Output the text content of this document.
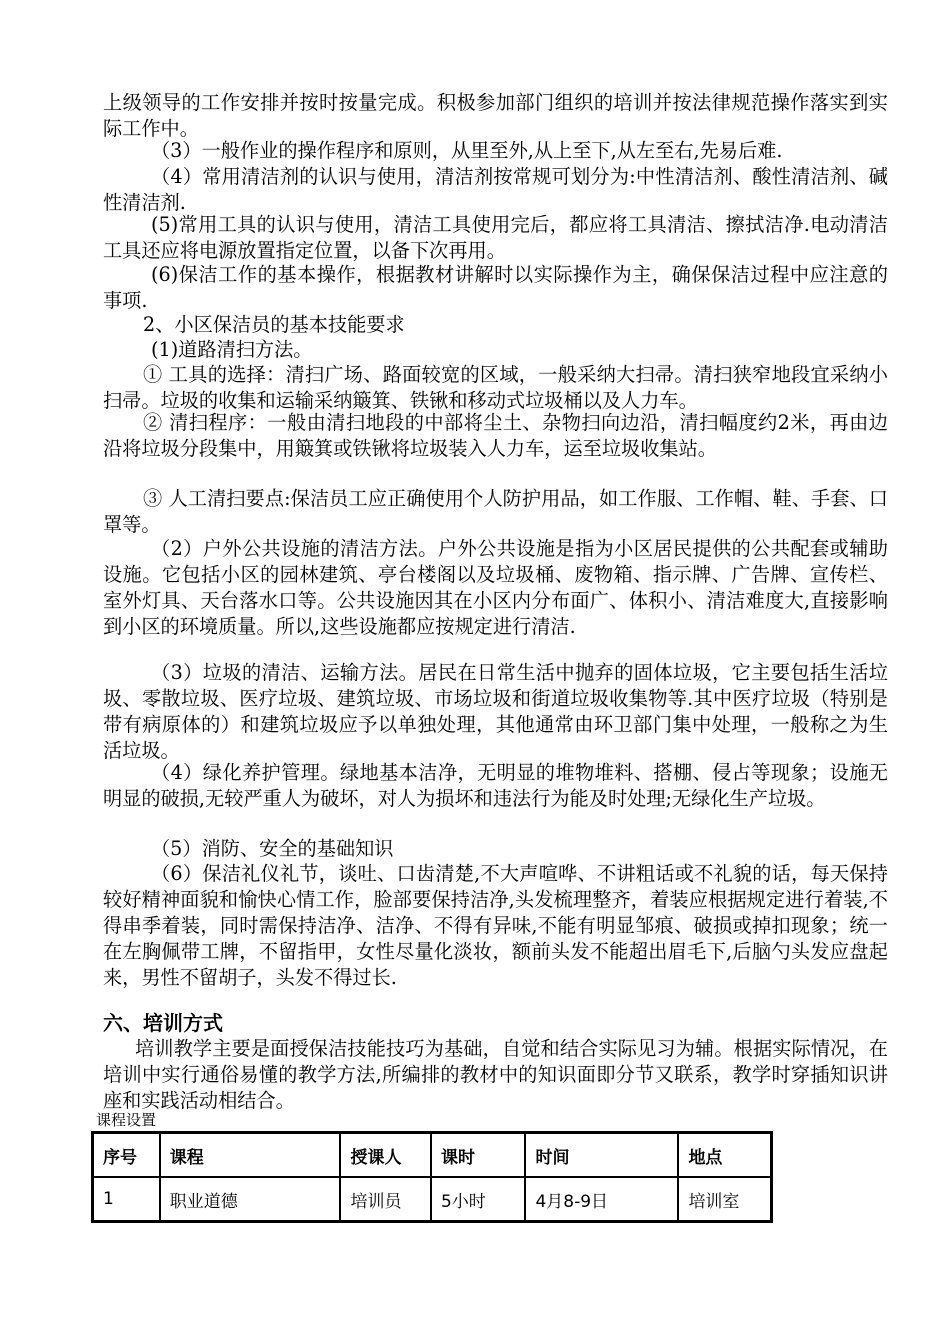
上级领导的工作安排并按时按量完成。积极参加部门组织的培训并按法律规范操作落实到实际工作中。

（3）一般作业的操作程序和原则，从里至外,从上至下,从左至右,先易后难.

（4）常用清洁剂的认识与使用，清洁剂按常规可划分为:中性清洁剂、酸性清洁剂、碱性清洁剂.

(5)常用工具的认识与使用，清洁工具使用完后，都应将工具清洁、擦拭洁净.电动清洁工具还应将电源放置指定位置，以备下次再用。

(6)保洁工作的基本操作，根据教材讲解时以实际操作为主，确保保洁过程中应注意的事项.

2、小区保洁员的基本技能要求

(1)道路清扫方法。

① 工具的选择：清扫广场、路面较宽的区域，一般采纳大扫帚。清扫狭窄地段宜采纳小扫帚。垃圾的收集和运输采纳簸箕、铁锹和移动式垃圾桶以及人力车。

② 清扫程序：一般由清扫地段的中部将尘土、杂物扫向边沿，清扫幅度约2米，再由边沿将垃圾分段集中，用簸箕或铁锹将垃圾装入人力车，运至垃圾收集站。

③ 人工清扫要点:保洁员工应正确使用个人防护用品，如工作服、工作帽、鞋、手套、口罩等。

（2）户外公共设施的清洁方法。户外公共设施是指为小区居民提供的公共配套或辅助设施。它包括小区的园林建筑、亭台楼阁以及垃圾桶、废物箱、指示牌、广告牌、宣传栏、室外灯具、天台落水口等。公共设施因其在小区内分布面广、体积小、清洁难度大,直接影响到小区的环境质量。所以,这些设施都应按规定进行清洁.

（3）垃圾的清洁、运输方法。居民在日常生活中抛弃的固体垃圾，它主要包括生活垃圾、零散垃圾、医疗垃圾、建筑垃圾、市场垃圾和街道垃圾收集物等.其中医疗垃圾（特别是带有病原体的）和建筑垃圾应予以单独处理，其他通常由环卫部门集中处理，一般称之为生活垃圾。

（4）绿化养护管理。绿地基本洁净，无明显的堆物堆料、搭棚、侵占等现象；设施无明显的破损,无较严重人为破坏，对人为损坏和违法行为能及时处理;无绿化生产垃圾。

（5）消防、安全的基础知识

（6）保洁礼仪礼节，谈吐、口齿清楚,不大声喧哗、不讲粗话或不礼貌的话，每天保持较好精神面貌和愉快心情工作，脸部要保持洁净,头发梳理整齐，着装应根据规定进行着装,不得串季着装，同时需保持洁净、洁净、不得有异味,不能有明显邹痕、破损或掉扣现象；统一在左胸佩带工牌，不留指甲，女性尽量化淡妆，额前头发不能超出眉毛下,后脑勺头发应盘起来，男性不留胡子，头发不得过长.

六、培训方式

培训教学主要是面授保洁技能技巧为基础，自觉和结合实际见习为辅。根据实际情况，在培训中实行通俗易懂的教学方法,所编排的教材中的知识面即分节又联系，教学时穿插知识讲座和实践活动相结合。

课程设置
序号	课程	授课人	课时	时间	地点
1	职业道德	培训员	5小时	4月8-9日	培训室
